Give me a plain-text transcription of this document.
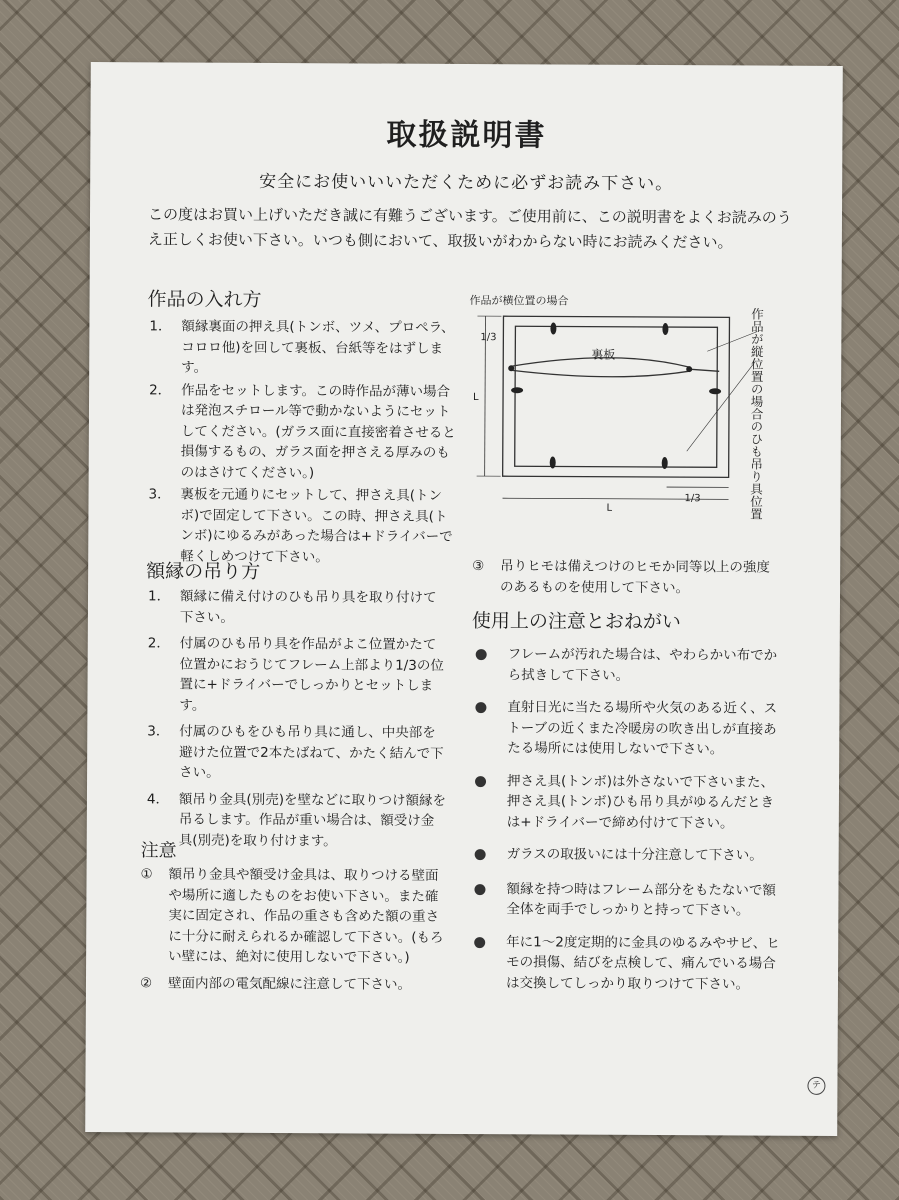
取扱説明書
安全にお使いいいただくために必ずお読み下さい。
この度はお買い上げいただき誠に有難うございます。ご使用前に、この説明書をよくお読みのうえ正しくお使い下さい。いつも側において、取扱いがわからない時にお読みください。
作品の入れ方
1． 額縁裏面の押え具(トンボ、ツメ、プロペラ、コロロ他)を回して裏板、台紙等をはずします。
2． 作品をセットします。この時作品が薄い場合は発泡スチロール等で動かないようにセットしてください。(ガラス面に直接密着させると損傷するもの、ガラス面を押さえる厚みのものはさけてください。)
3． 裏板を元通りにセットして、押さえ具(トンボ)で固定して下さい。この時、押さえ具(トンボ)にゆるみがあった場合は+ドライバーで軽くしめつけて下さい。
作品が横位置の場合
裏板
1/3
L
L
1/3	作品が縦位置の場合のひも吊り具位置
額縁の吊り方
1． 額縁に備え付けのひも吊り具を取り付けて下さい。
2． 付属のひも吊り具を作品がよこ位置かたて位置かにおうじてフレーム上部より1/3の位置に+ドライバーでしっかりとセットします。
3． 付属のひもをひも吊り具に通し、中央部を避けた位置で2本たばねて、かたく結んで下さい。
4． 額吊り金具(別売)を壁などに取りつけ額縁を吊るします。作品が重い場合は、額受け金具(別売)を取り付けます。
注意
①	額吊り金具や額受け金具は、取りつける壁面や場所に適したものをお使い下さい。また確実に固定され、作品の重さも含めた額の重さに十分に耐えられるか確認して下さい。(もろい壁には、絶対に使用しないで下さい。)
②	壁面内部の電気配線に注意して下さい。
③	吊りヒモは備えつけのヒモか同等以上の強度のあるものを使用して下さい。
使用上の注意とおねがい
フレームが汚れた場合は、やわらかい布でから拭きして下さい。
直射日光に当たる場所や火気のある近く、ストーブの近くまた冷暖房の吹き出しが直接あたる場所には使用しないで下さい。
押さえ具(トンボ)は外さないで下さいまた、押さえ具(トンボ)ひも吊り具がゆるんだときは+ドライバーで締め付けて下さい。
ガラスの取扱いには十分注意して下さい。
額縁を持つ時はフレーム部分をもたないで額全体を両手でしっかりと持って下さい。
年に1～2度定期的に金具のゆるみやサビ、ヒモの損傷、結びを点検して、痛んでいる場合は交換してしっかり取りつけて下さい。
テ
